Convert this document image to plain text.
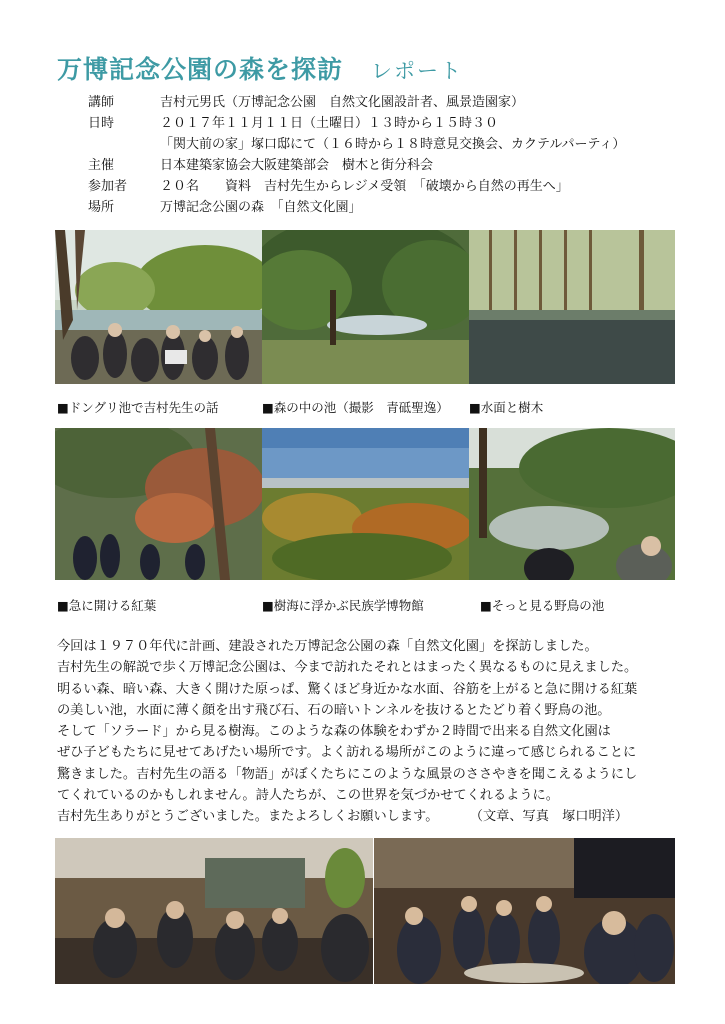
万博記念公園の森を探訪 レポート
講師	吉村元男氏（万博記念公園　自然文化園設計者、風景造園家）
日時	２０１７年１１月１１日（土曜日）１３時から１５時３０
「関大前の家」塚口邸にて（１６時から１８時意見交換会、カクテルパーティ）
主催	日本建築家協会大阪建築部会　樹木と街分科会
参加者	２０名　　資料　吉村先生からレジメ受領　「破壊から自然の再生へ」
場所	万博記念公園の森　「自然文化園」
■ドングリ池で吉村先生の話	■森の中の池（撮影　青砥聖逸） ■水面と樹木
■急に開ける紅葉	■樹海に浮かぶ民族学博物館	■そっと見る野鳥の池

今回は１９７０年代に計画、建設された万博記念公園の森「自然文化園」を探訪しました。

吉村先生の解説で歩く万博記念公園は、今まで訪れたそれとはまったく異なるものに見えました。

明るい森、暗い森、大きく開けた原っぱ、驚くほど身近かな水面、谷筋を上がると急に開ける紅葉

の美しい池，水面に薄く顔を出す飛び石、石の暗いトンネルを抜けるとたどり着く野鳥の池。

そして「ソラード」から見る樹海。このような森の体験をわずか２時間で出来る自然文化園は

ぜひ子どもたちに見せてあげたい場所です。よく訪れる場所がこのように違って感じられることに

驚きました。吉村先生の語る「物語」がぼくたちにこのような風景のささやきを聞こえるようにし

てくれているのかもしれません。詩人たちが、この世界を気づかせてくれるように。

吉村先生ありがとうございました。またよろしくお願いします。	（文章、写真　塚口明洋）
